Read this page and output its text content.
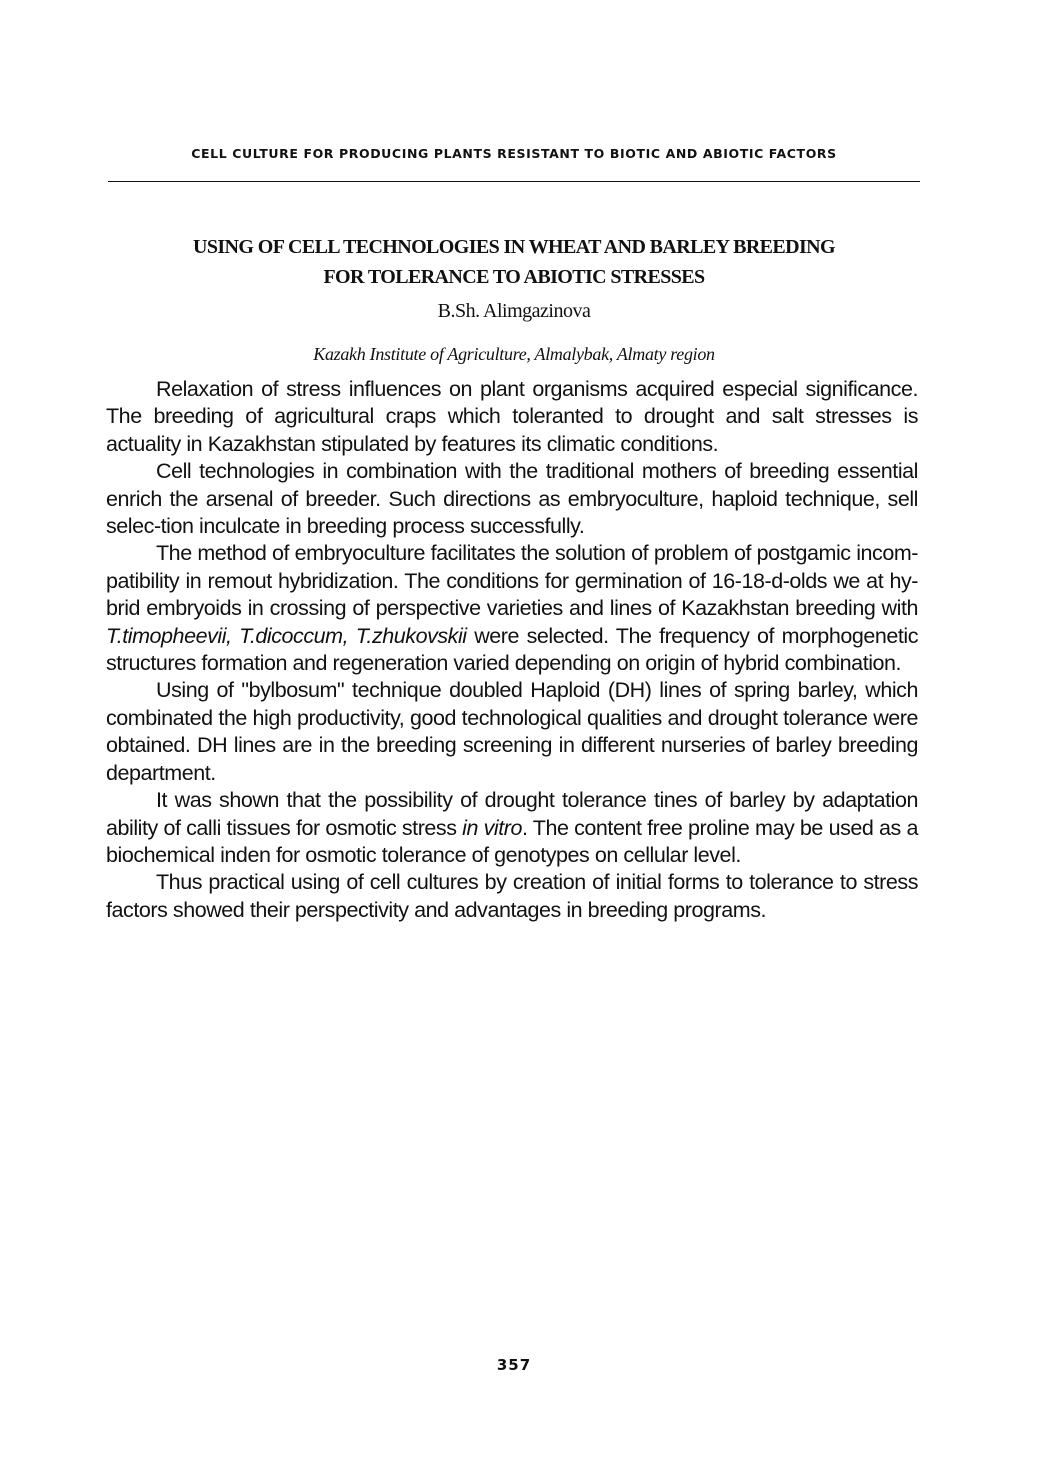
CELL CULTURE FOR PRODUCING PLANTS RESISTANT TO BIOTIC AND ABIOTIC FACTORS
USING OF CELL TECHNOLOGIES IN WHEAT AND BARLEY BREEDING
FOR TOLERANCE TO ABIOTIC STRESSES
B.Sh. Alimgazinova
Kazakh Institute of Agriculture, Almalybak, Almaty region

Relaxation of stress influences on plant organisms acquired especial significance. The breeding of agricultural craps which toleranted to drought and salt stresses is actuality in Kazakhstan stipulated by features its climatic conditions.

Cell technologies in combination with the traditional mothers of breeding essential enrich the arsenal of breeder. Such directions as embryoculture, haploid technique, sell selec-tion inculcate in breeding process successfully.

The method of embryoculture facilitates the solution of problem of postgamic incom-patibility in remout hybridization. The conditions for germination of 16-18-d-olds we at hy-brid embryoids in crossing of perspective varieties and lines of Kazakhstan breeding with T.timopheevii, T.dicoccum, T.zhukovskii were selected. The frequency of morphogenetic structures formation and regeneration varied depending on origin of hybrid combination.

Using of "bylbosum" technique doubled Haploid (DH) lines of spring barley, which combinated the high productivity, good technological qualities and drought tolerance were obtained. DH lines are in the breeding screening in different nurseries of barley breeding department.

It was shown that the possibility of drought tolerance tines of barley by adaptation ability of calli tissues for osmotic stress in vitro. The content free proline may be used as a biochemical inden for osmotic tolerance of genotypes on cellular level.

Thus practical using of cell cultures by creation of initial forms to tolerance to stress factors showed their perspectivity and advantages in breeding programs.

357
